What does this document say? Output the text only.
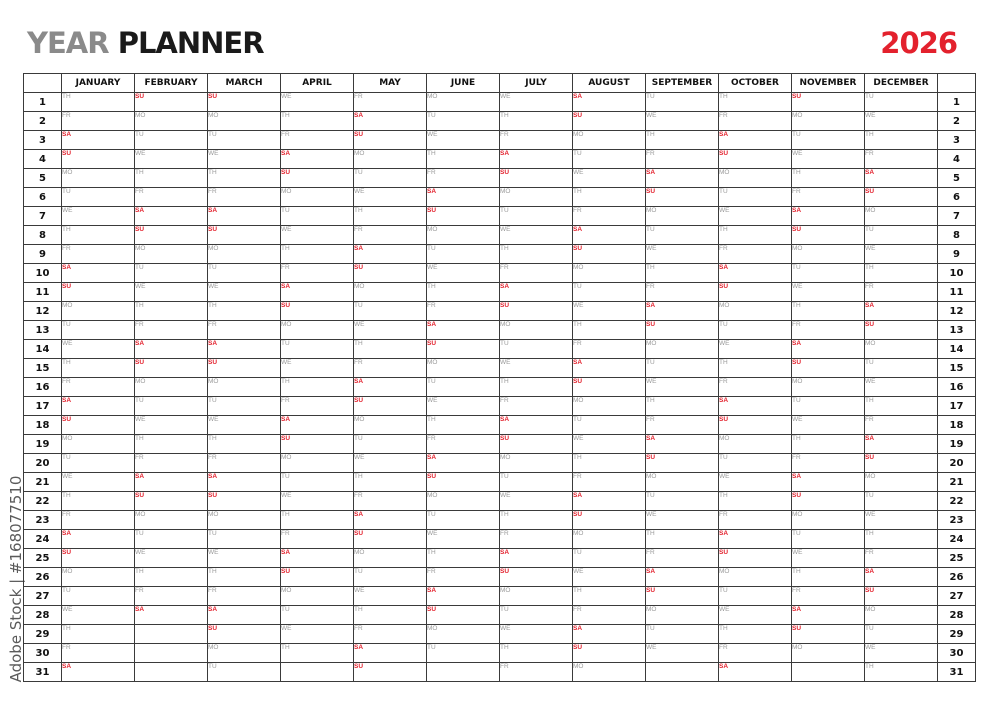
YEAR PLANNER	2026
Adobe Stock | #168077510
	JANUARY	FEBRUARY	MARCH	APRIL	MAY	JUNE	JULY	AUGUST	SEPTEMBER	OCTOBER	NOVEMBER	DECEMBER	
1	TH	SU	SU	WE	FR	MO	WE	SA	TU	TH	SU	TU	1
2	FR	MO	MO	TH	SA	TU	TH	SU	WE	FR	MO	WE	2
3	SA	TU	TU	FR	SU	WE	FR	MO	TH	SA	TU	TH	3
4	SU	WE	WE	SA	MO	TH	SA	TU	FR	SU	WE	FR	4
5	MO	TH	TH	SU	TU	FR	SU	WE	SA	MO	TH	SA	5
6	TU	FR	FR	MO	WE	SA	MO	TH	SU	TU	FR	SU	6
7	WE	SA	SA	TU	TH	SU	TU	FR	MO	WE	SA	MO	7
8	TH	SU	SU	WE	FR	MO	WE	SA	TU	TH	SU	TU	8
9	FR	MO	MO	TH	SA	TU	TH	SU	WE	FR	MO	WE	9
10	SA	TU	TU	FR	SU	WE	FR	MO	TH	SA	TU	TH	10
11	SU	WE	WE	SA	MO	TH	SA	TU	FR	SU	WE	FR	11
12	MO	TH	TH	SU	TU	FR	SU	WE	SA	MO	TH	SA	12
13	TU	FR	FR	MO	WE	SA	MO	TH	SU	TU	FR	SU	13
14	WE	SA	SA	TU	TH	SU	TU	FR	MO	WE	SA	MO	14
15	TH	SU	SU	WE	FR	MO	WE	SA	TU	TH	SU	TU	15
16	FR	MO	MO	TH	SA	TU	TH	SU	WE	FR	MO	WE	16
17	SA	TU	TU	FR	SU	WE	FR	MO	TH	SA	TU	TH	17
18	SU	WE	WE	SA	MO	TH	SA	TU	FR	SU	WE	FR	18
19	MO	TH	TH	SU	TU	FR	SU	WE	SA	MO	TH	SA	19
20	TU	FR	FR	MO	WE	SA	MO	TH	SU	TU	FR	SU	20
21	WE	SA	SA	TU	TH	SU	TU	FR	MO	WE	SA	MO	21
22	TH	SU	SU	WE	FR	MO	WE	SA	TU	TH	SU	TU	22
23	FR	MO	MO	TH	SA	TU	TH	SU	WE	FR	MO	WE	23
24	SA	TU	TU	FR	SU	WE	FR	MO	TH	SA	TU	TH	24
25	SU	WE	WE	SA	MO	TH	SA	TU	FR	SU	WE	FR	25
26	MO	TH	TH	SU	TU	FR	SU	WE	SA	MO	TH	SA	26
27	TU	FR	FR	MO	WE	SA	MO	TH	SU	TU	FR	SU	27
28	WE	SA	SA	TU	TH	SU	TU	FR	MO	WE	SA	MO	28
29	TH		SU	WE	FR	MO	WE	SA	TU	TH	SU	TU	29
30	FR		MO	TH	SA	TU	TH	SU	WE	FR	MO	WE	30
31	SA		TU		SU		FR	MO		SA		TH	31
